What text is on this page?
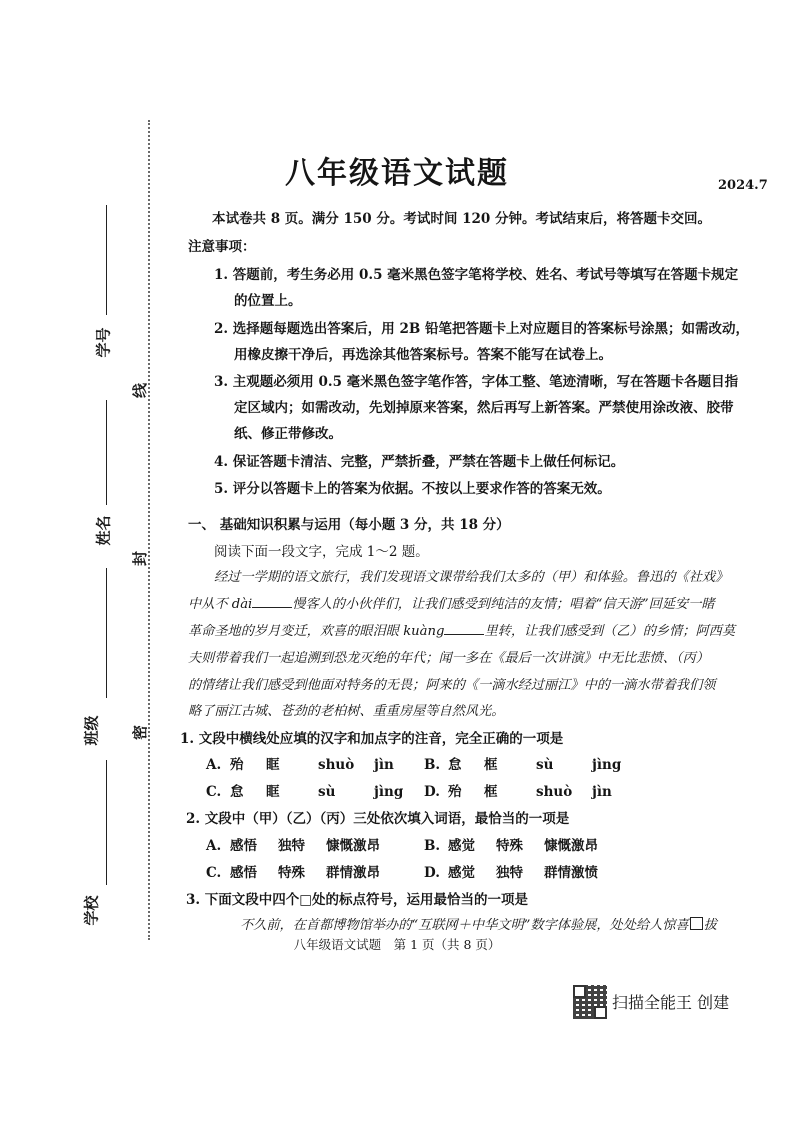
学号
姓名
班级
学校
线
封
密
八年级语文试题	2024.7
本试卷共 8 页。满分 150 分。考试时间 120 分钟。考试结束后，将答题卡交回。
注意事项：
1. 答题前，考生务必用 0.5 毫米黑色签字笔将学校、姓名、考试号等填写在答题卡规定
的位置上。
2. 选择题每题选出答案后，用 2B 铅笔把答题卡上对应题目的答案标号涂黑；如需改动，
用橡皮擦干净后，再选涂其他答案标号。答案不能写在试卷上。
3. 主观题必须用 0.5 毫米黑色签字笔作答，字体工整、笔迹清晰，写在答题卡各题目指
定区域内；如需改动，先划掉原来答案，然后再写上新答案。严禁使用涂改液、胶带
纸、修正带修改。
4. 保证答题卡清洁、完整，严禁折叠，严禁在答题卡上做任何标记。
5. 评分以答题卡上的答案为依据。不按以上要求作答的答案无效。
一、 基础知识积累与运用（每小题 3 分，共 18 分）
阅读下面一段文字，完成 1～2 题。
经过一学期的语文旅行，我们发现语文课带给我们太多的（甲）和体验。鲁迅的《社戏》
中从不 dài	慢客人的小伙伴们，让我们感受到纯洁的友情；唱着“信天游”回延安一睹
革命圣地的岁月变迁，欢喜的眼泪眼 kuàng	里转，让我们感受到（乙）的乡情；阿西莫
夫则带着我们一起追溯到恐龙灭绝的年代；闻一多在《最后一次讲演》中无比悲愤、（丙）
的情绪让我们感受到他面对特务的无畏；阿来的《一滴水经过丽江》中的一滴水带着我们领
略了丽江古城、苍劲的老柏树、重重房屋等自然风光。
1. 文段中横线处应填的汉字和加点字的注音，完全正确的一项是
A. 殆 眶	shuò jìn B. 怠 框	sù	jìng
C. 怠 眶	sù	jìng D. 殆 框	shuò jìn
2. 文段中（甲）（乙）（丙）三处依次填入词语，最恰当的一项是
A. 感悟 独特 慷慨激昂	B. 感觉 特殊 慷慨激昂
C. 感悟 特殊 群情激昂	D. 感觉 独特 群情激愤
3. 下面文段中四个□处的标点符号，运用最恰当的一项是
不久前，在首都博物馆举办的“互联网＋中华文明”数字体验展，处处给人惊喜 拔
八年级语文试题　第 1 页（共 8 页）
扫描全能王 创建
